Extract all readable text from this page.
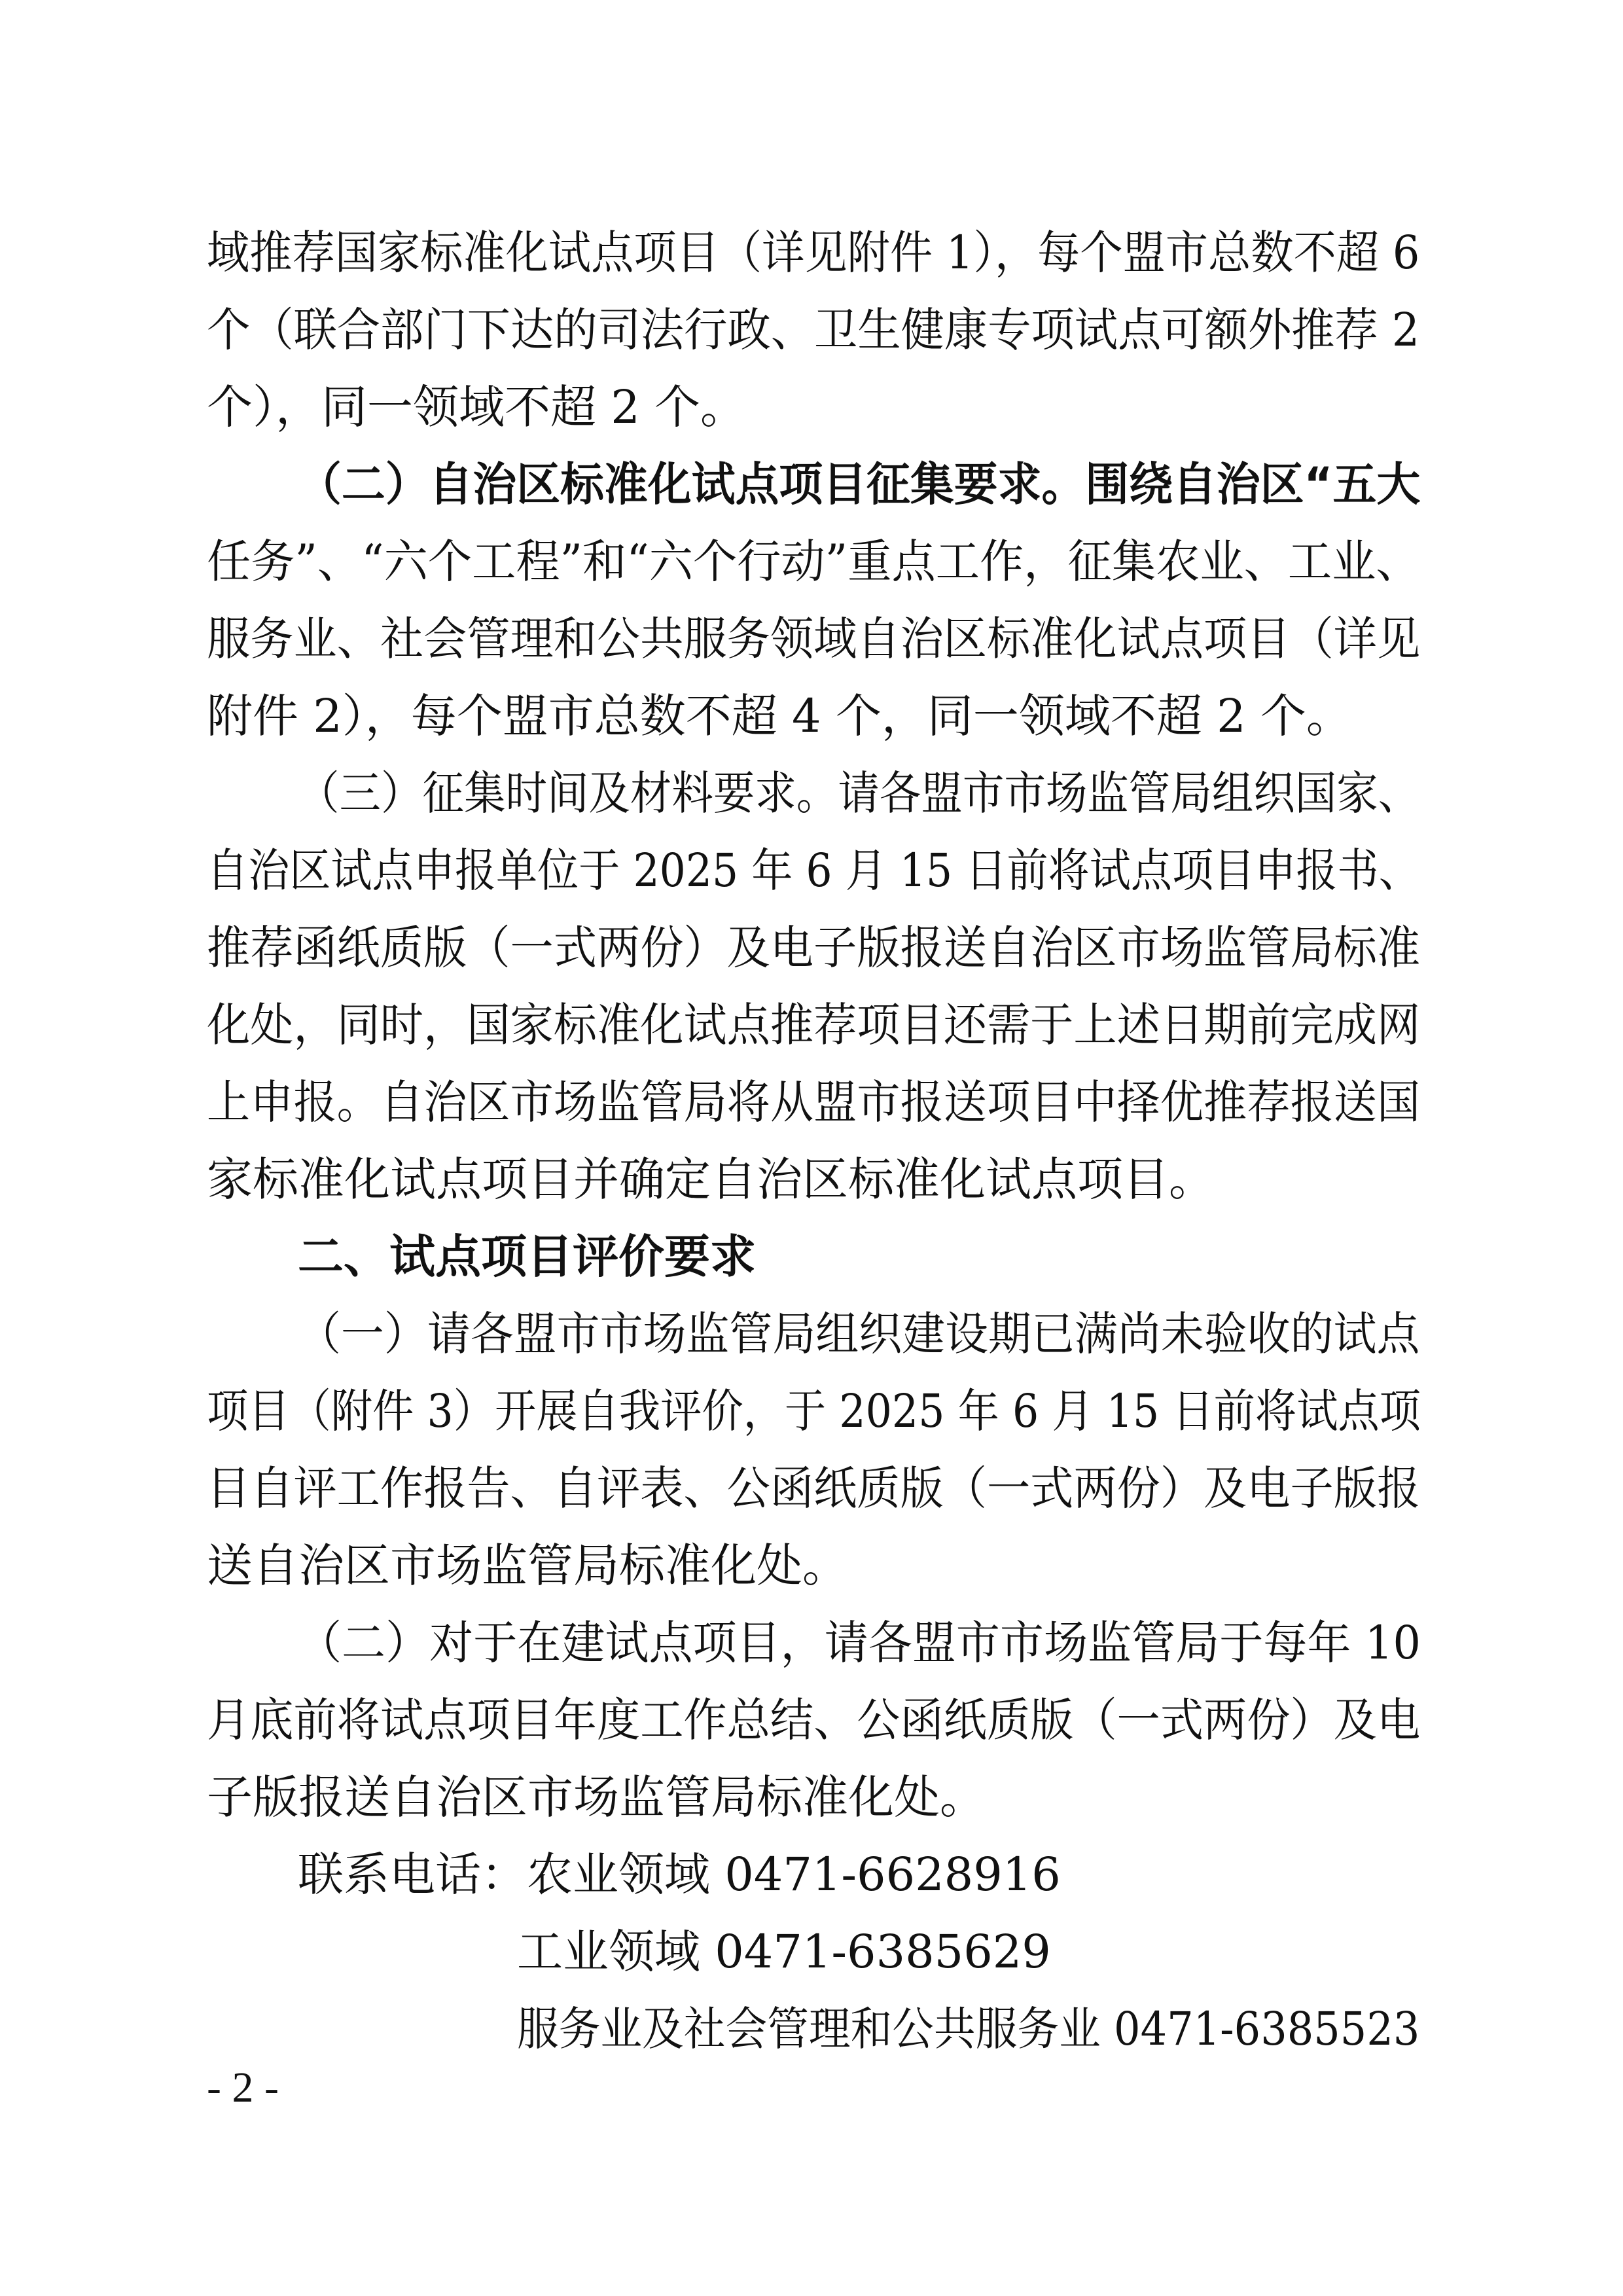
域推荐国家标准化试点项目（详见附件 1），每个盟市总数不超 6
个（联合部门下达的司法行政、卫生健康专项试点可额外推荐 2
个），同一领域不超 2 个。
（二）自治区标准化试点项目征集要求。围绕自治区“五大
任务”、“六个工程”和“六个行动”重点工作，征集农业、工业、
服务业、社会管理和公共服务领域自治区标准化试点项目（详见
附件 2），每个盟市总数不超 4 个，同一领域不超 2 个。
（三）征集时间及材料要求。请各盟市市场监管局组织国家、
自治区试点申报单位于 2025 年 6 月 15 日前将试点项目申报书、
推荐函纸质版（一式两份）及电子版报送自治区市场监管局标准
化处，同时，国家标准化试点推荐项目还需于上述日期前完成网
上申报。自治区市场监管局将从盟市报送项目中择优推荐报送国
家标准化试点项目并确定自治区标准化试点项目。
二、试点项目评价要求
（一）请各盟市市场监管局组织建设期已满尚未验收的试点
项目（附件 3）开展自我评价，于 2025 年 6 月 15 日前将试点项
目自评工作报告、自评表、公函纸质版（一式两份）及电子版报
送自治区市场监管局标准化处。
（二）对于在建试点项目，请各盟市市场监管局于每年 10
月底前将试点项目年度工作总结、公函纸质版（一式两份）及电
子版报送自治区市场监管局标准化处。
联系电话：农业领域 0471-6628916
工业领域 0471-6385629
服务业及社会管理和公共服务业 0471-6385523
- 2 -
